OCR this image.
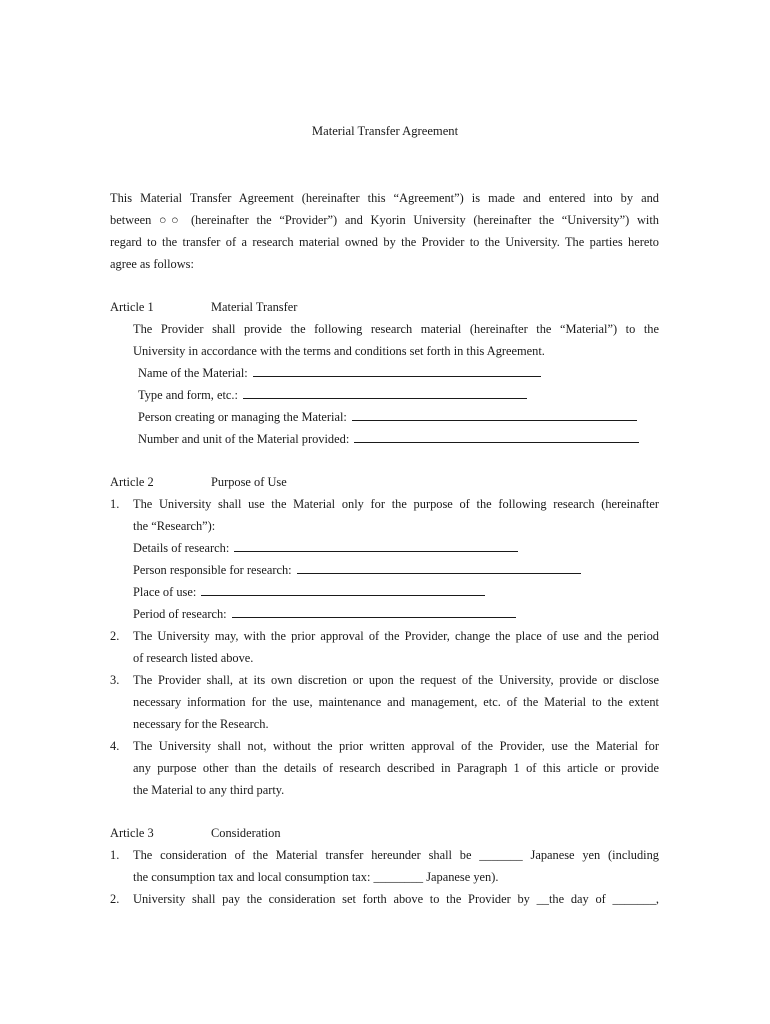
Material Transfer Agreement
This Material Transfer Agreement (hereinafter this “Agreement”) is made and entered into by and
between ○○ (hereinafter the “Provider”) and Kyorin University (hereinafter the “University”) with
regard to the transfer of a research material owned by the Provider to the University. The parties hereto
agree as follows:
Article 1	Material Transfer
The Provider shall provide the following research material (hereinafter the “Material”) to the
University in accordance with the terms and conditions set forth in this Agreement.
Name of the Material:
Type and form, etc.:
Person creating or managing the Material:
Number and unit of the Material provided:
Article 2	Purpose of Use
1. The University shall use the Material only for the purpose of the following research (hereinafter
the “Research”):
Details of research:
Person responsible for research:
Place of use:
Period of research:
2. The University may, with the prior approval of the Provider, change the place of use and the period
of research listed above.
3. The Provider shall, at its own discretion or upon the request of the University, provide or disclose
necessary information for the use, maintenance and management, etc. of the Material to the extent
necessary for the Research.
4. The University shall not, without the prior written approval of the Provider, use the Material for
any purpose other than the details of research described in Paragraph 1 of this article or provide
the Material to any third party.
Article 3	Consideration
1. The consideration of the Material transfer hereunder shall be _______ Japanese yen (including
the consumption tax and local consumption tax: ________ Japanese yen).
2. University shall pay the consideration set forth above to the Provider by __the day of _______,
